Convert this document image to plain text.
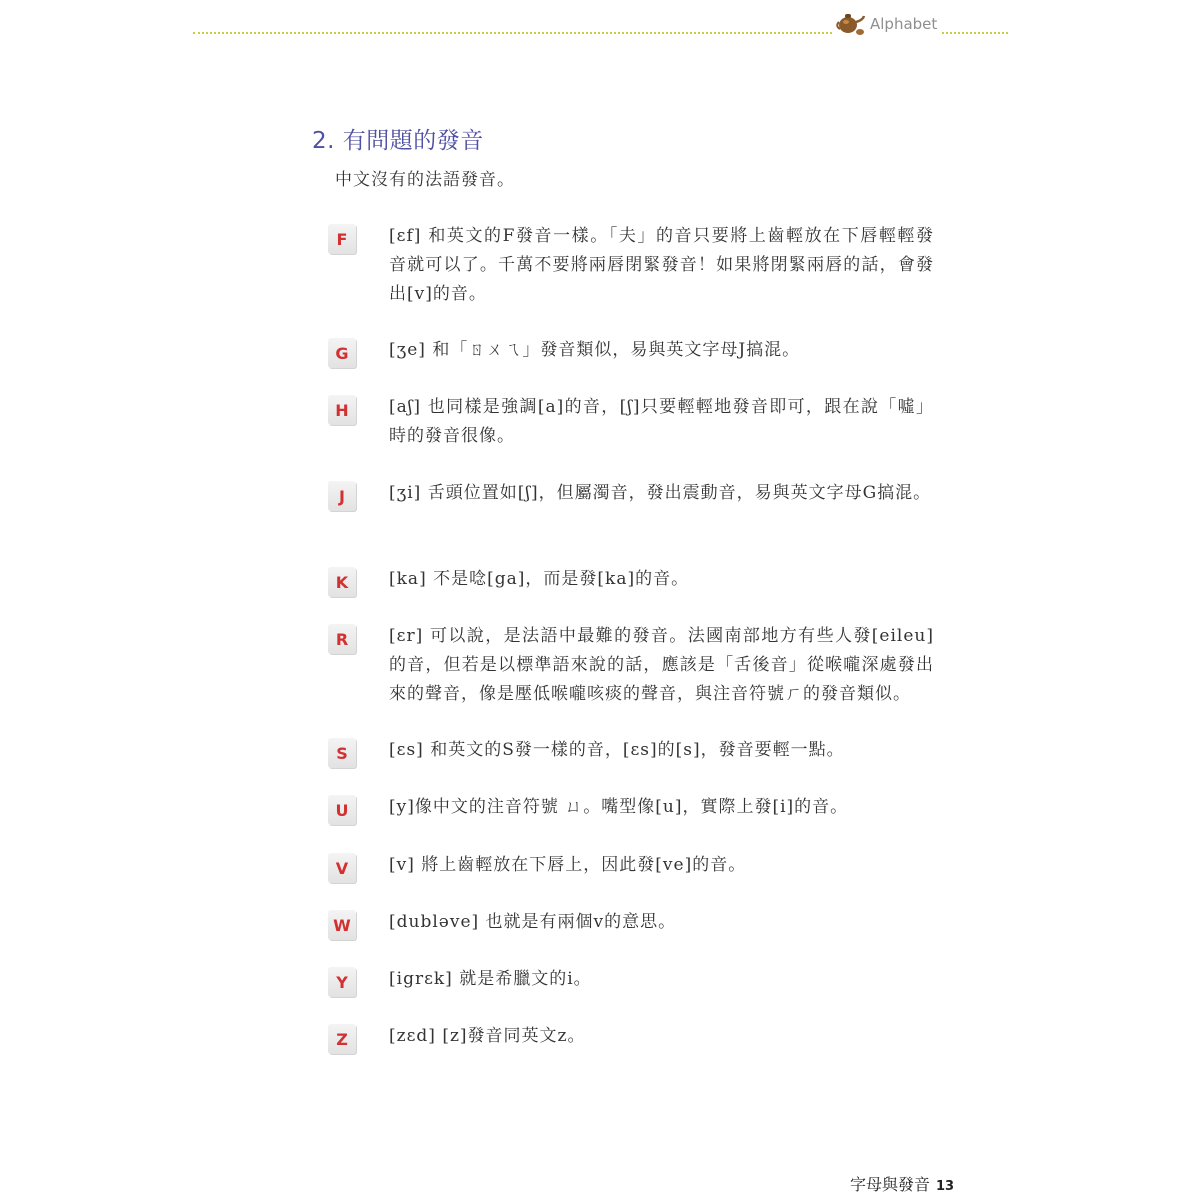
Alphabet
2. 有問題的發音

中文沒有的法語發音。

F	[ɛf] 和英文的F發音一樣。「夫」的音只要將上齒輕放在下唇輕輕發音就可以了。千萬不要將兩唇閉緊發音！如果將閉緊兩唇的話，會發出[v]的音。

G	[ʒe] 和「ㄖㄨㄟ」發音類似，易與英文字母J搞混。

H	[aʃ] 也同樣是強調[a]的音，[ʃ]只要輕輕地發音即可，跟在說「噓」時的發音很像。

J	[ʒi] 舌頭位置如[ʃ]，但屬濁音，發出震動音，易與英文字母G搞混。

K	[ka] 不是唸[ga]，而是發[ka]的音。

R	[ɛr] 可以說，是法語中最難的發音。法國南部地方有些人發[eileu]的音，但若是以標準語來說的話，應該是「舌後音」從喉嚨深處發出來的聲音，像是壓低喉嚨咳痰的聲音，與注音符號ㄏ的發音類似。

S	[ɛs] 和英文的S發一樣的音，[ɛs]的[s]，發音要輕一點。

U	[y]像中文的注音符號 ㄩ。嘴型像[u]，實際上發[i]的音。

V	[v] 將上齒輕放在下唇上，因此發[ve]的音。

W	[dubləve] 也就是有兩個v的意思。

Y	[igrɛk] 就是希臘文的i。

Z	[zɛd] [z]發音同英文z。

字母與發音 13
